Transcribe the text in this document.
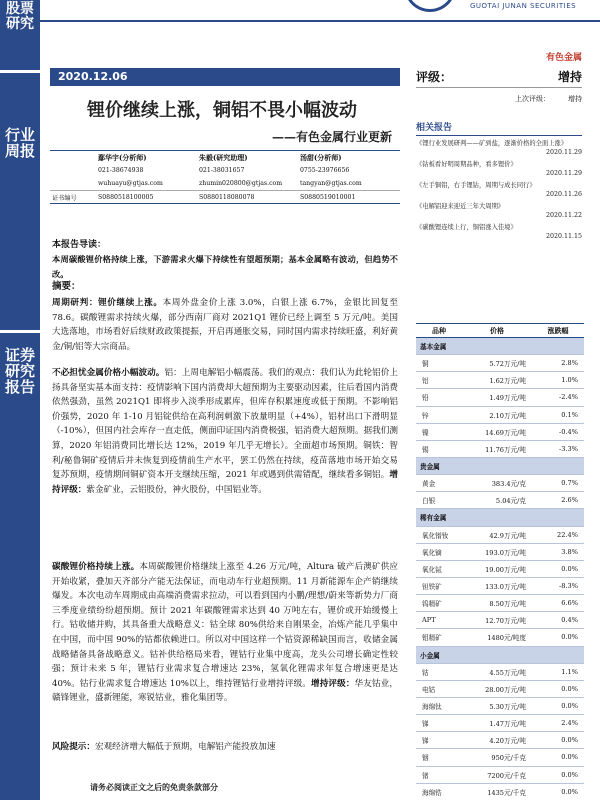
股票研究
行业周报
证券研究报告
GUOTAI JUNAN SECURITIES
有色金属
2020.12.06
锂价继续上涨，铜铝不畏小幅波动
——有色金属行业更新
鄢华宇(分析师)	朱毅(研究助理)	汤甜(分析师)
021-38674938	021-38031657	0755-23976656
wuhuayu@gtjas.com	zhumin020800@gtjas.com	tangyan@gtjas.com
证书编号	S0880518100005	S0880118080078	S0880519010001
本报告导读：
本周碳酸锂价格持续上涨，下游需求火爆下持续性有望超预期；基本金属略有波动，但趋势不改。
摘要：
周期研判：锂价继续上涨。本周外盘金价上涨 3.0%，白银上涨 6.7%，金银比回复至 78.6。碳酸锂需求持续火爆，部分西南厂商对 2021Q1 锂价已经上调至 5 万元/吨。美国大选落地，市场看好后续财政政策提振，开启再通胀交易，同时国内需求持续旺盛，利好黄金/铜/铝等大宗商品。
不必担忧金属价格小幅波动。铝：上周电解铝小幅震荡。我们的观点：我们认为此轮铝价上扬具备坚实基本面支持：疫情影响下国内消费却大超预期为主要驱动因素，往后看国内消费依然强劲，虽然 2021Q1 即将步入淡季形成累库，但库存积累速度或低于预期。不影响铝价强势，2020 年 1-10 月铝锭供给在高利润刺激下放量明显（+4%），铝材出口下滑明显（-10%），但国内社会库存一直走低，侧面印证国内消费极强，铝消费大超预期。据我们测算，2020 年铝消费同比增长达 12%，2019 年几乎无增长）。全面超市场预期。铜铁：智利/秘鲁铜矿疫情后并未恢复到疫情前生产水平，罢工仍然在持续，疫苗落地市场开始交易复苏预期，疫情期间铜矿资本开支继续压缩，2021 年或遇到供需错配，继续看多铜铝。增持评级：紫金矿业，云铝股份，神火股份，中国铝业等。
碳酸锂价格持续上涨。本周碳酸锂价格继续上涨至 4.26 万元/吨，Altura 破产后澳矿供应开始收紧，叠加天齐部分产能无法保证，而电动车行业超预期。11 月新能源车企产销继续爆发。本次电动车周期成由高端消费需求拉动，可以看到国内小鹏/理想/蔚来等新势力厂商三季度业绩纷纷超预期。预计 2021 年碳酸锂需求达到 40 万吨左右，锂价或开始缓慢上行。钴收储并购，其具备重大战略意义：钴全球 80%供给来自刚果金，冶炼产能几乎集中在中国，而中国 90%的钴都依赖进口。所以对中国这样一个钴资源稀缺国而言，收储金属战略储备具备战略意义。钴补供给格局来看，锂钴行业集中度高，龙头公司增长确定性较强；预计未来 5 年，锂钴行业需求复合增速达 23%，氢氧化锂需求年复合增速更是达 40%。钴行业需求复合增速达 10%以上，维持锂钴行业增持评级。增持评级：华友钴业，赣锋锂业，盛新锂能，寒锐钴业，雅化集团等。
风险提示：宏观经济增大幅低于预期，电解铝产能投放加速
评级：	增持
上次评级：	增持
相关报告
《锂行业发展研判——矿到盐，逐渐价格的全面上涨》
2020.11.29
《钴板看好明周期品种，看多锂价》
2020.11.29
《左手铜铝，右手锂钴，周期与成长同行》
2020.11.26
《电解铝迎来迎近三年大周期》
2020.11.22
《碳酸锂连续上行，铜铝涨入佳境》
2020.11.15
品种	价格	涨跌幅
基本金属		
铜	5.72万元/吨	2.8%
铝	1.62万元/吨	1.0%
铅	1.49万元/吨	-2.4%
锌	2.10万元/吨	0.1%
镍	14.69万元/吨	-0.4%
锡	11.76万元/吨	-3.3%
贵金属		
黄金	383.4元/克	0.7%
白银	5.04元/克	2.6%
稀有金属		
氧化镨钕	42.9万元/吨	22.4%
氧化镝	193.0万元/吨	3.8%
氧化铽	19.00万元/吨	0.0%
钽铁矿	133.0万元/吨	-8.3%
钨精矿	8.50万元/吨	6.6%
APT	12.70万元/吨	0.4%
钼精矿	1480元/吨度	0.0%
小金属		
钴	4.55万元/吨	1.1%
电钴	28.00万元/吨	0.0%
海绵钛	5.30万元/吨	0.0%
锑	1.47万元/吨	2.4%
锑	4.20万元/吨	0.0%
铟	950元/千克	0.0%
锗	7200元/千克	0.0%
海绵锆	1435元/千克	0.0%
请务必阅读正文之后的免责条款部分
